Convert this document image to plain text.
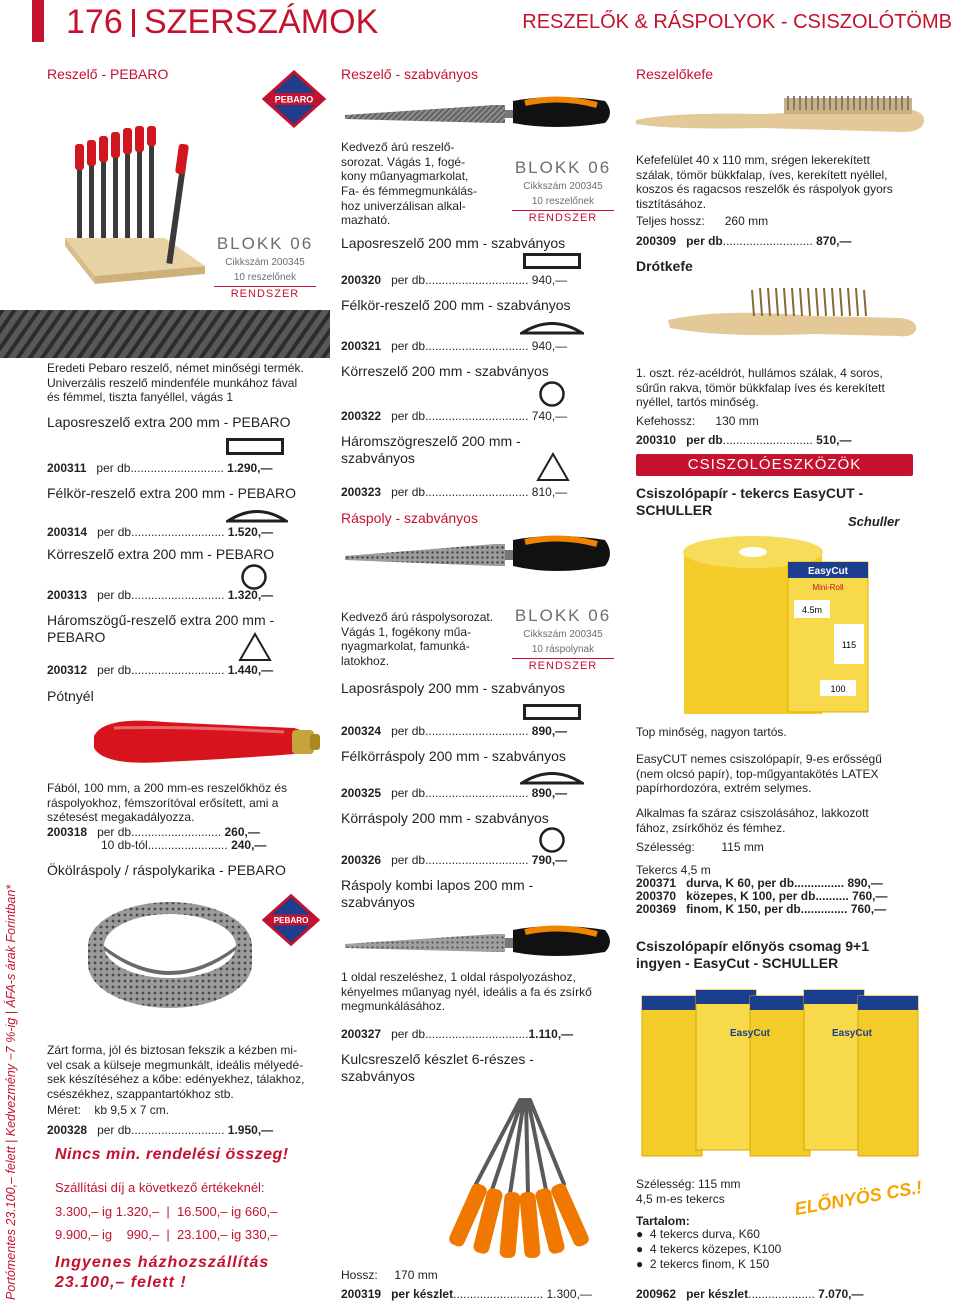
176 SZERSZÁMOK	RESZELŐK & RÁSPOLYOK - CSISZOLÓTÖMB
Portómentes 23.100,– felett | Kedvezmény −7 %-ig | ÁFA-s árak Forintban*
Reszelő - PEBARO
PEBARO
BLOKK 06
Cikkszám 200345
10 reszelőnek
RENDSZER
Eredeti Pebaro reszelő, német minőségi termék.
Univerzális reszelő mindenféle munkához fával
és fémmel, tiszta fanyéllel, vágás 1
Laposreszelő extra 200 mm - PEBARO
200311 per db............................ 1.290,—
Félkör-reszelő extra 200 mm - PEBARO
200314 per db............................ 1.520,—
Körreszelő extra 200 mm - PEBARO
200313 per db............................ 1.320,—
Háromszögű-reszelő extra 200 mm -
PEBARO
200312 per db............................ 1.440,—
Pótnyél
Fából, 100 mm, a 200 mm-es reszelőkhöz és
ráspolyokhoz, fémszorítóval erősített, ami a
szétesést megakadályozza.
200318 per db........................... 260,—
10 db-tól........................ 240,—
Ökölráspoly / ráspolykarika - PEBARO
PEBARO
Zárt forma, jól és biztosan fekszik a kézben mi-
vel csak a külseje megmunkált, ideális mélyedé-
sek készítéséhez a kőbe: edényekhez, tálakhoz,
csészékhez, szappantartókhoz stb.
Méret: kb 9,5 x 7 cm.
200328 per db............................ 1.950,—
Nincs min. rendelési összeg!
Szállítási díj a következő értékeknél:
3.300,– ig 1.320,–  |  16.500,– ig 660,–
9.900,– ig 990,–  |  23.100,– ig 330,–
Ingyenes házhozszállítás
23.100,– felett !
Reszelő - szabványos
Kedvező árú reszelő-
sorozat. Vágás 1, fogé-
kony műanyagmarkolat,
Fa- és fémmegmunkálás-
hoz univerzálisan alkal-
mazható.
BLOKK 06
Cikkszám 200345
10 reszelőnek
RENDSZER
Laposreszelő 200 mm - szabványos
200320 per db............................... 940,—
Félkör-reszelő 200 mm - szabványos
200321 per db............................... 940,—
Körreszelő 200 mm - szabványos
200322 per db............................... 740,—
Háromszögreszelő 200 mm -
szabványos
200323 per db............................... 810,—
Ráspoly - szabványos
Kedvező árú ráspolysorozat.
Vágás 1, fogékony műa-
nyagmarkolat, famunká-
latokhoz.
BLOKK 06
Cikkszám 200345
10 ráspolynak
RENDSZER
Laposráspoly 200 mm - szabványos
200324 per db............................... 890,—
Félkörráspoly 200 mm - szabványos
200325 per db............................... 890,—
Körráspoly 200 mm - szabványos
200326 per db............................... 790,—
Ráspoly kombi lapos 200 mm -
szabványos
1 oldal reszeléshez, 1 oldal ráspolyozáshoz,
kényelmes műanyag nyél, ideális a fa és zsírkő
megmunkálásához.
200327 per db...............................1.110,—
Kulcsreszelő készlet 6-részes -
szabványos
Hossz: 170 mm
200319 per készlet........................... 1.300,—
Reszelőkefe
Kefefelület 40 x 110 mm, srégen lekerekített
szálak, tömör bükkfalap, íves, kerekített nyéllel,
koszos és ragacsos reszelők és ráspolyok gyors
tisztításához.
Teljes hossz: 260 mm
200309 per db........................... 870,—
Drótkefe
1. oszt. réz-acéldrót, hullámos szálak, 4 soros,
sűrűn rakva, tömör bükkfalap íves és kerekített
nyéllel, tartós minőség.
Kefehossz: 130 mm
200310 per db........................... 510,—
CSISZOLÓESZKÖZÖK
Csiszolópapír - tekercs EasyCUT -
SCHULLER
Schuller
EasyCut
Mini-Roll
4.5m
115
100
Top minőség, nagyon tartós.
EasyCUT nemes csiszolópapír, 9-es erősségű
(nem olcsó papír), top-műgyantakötés LATEX
papírhordozóra, extrém selymes.
Alkalmas fa száraz csiszolásához, lakkozott
fához, zsírkőhöz és fémhez.
Szélesség: 115 mm
Tekercs 4,5 m
200371 durva, K 60, per db............... 890,—
200370 közepes, K 100, per db.......... 760,—
200369 finom, K 150, per db.............. 760,—
Csiszolópapír előnyös csomag 9+1
ingyen - EasyCut - SCHULLER
EasyCut	EasyCut
ELŐNYÖS CS.!
Szélesség: 115 mm
4,5 m-es tekercs
Tartalom:
●  4 tekercs durva, K60
●  4 tekercs közepes, K100
●  2 tekercs finom, K 150
200962 per készlet.................... 7.070,—
